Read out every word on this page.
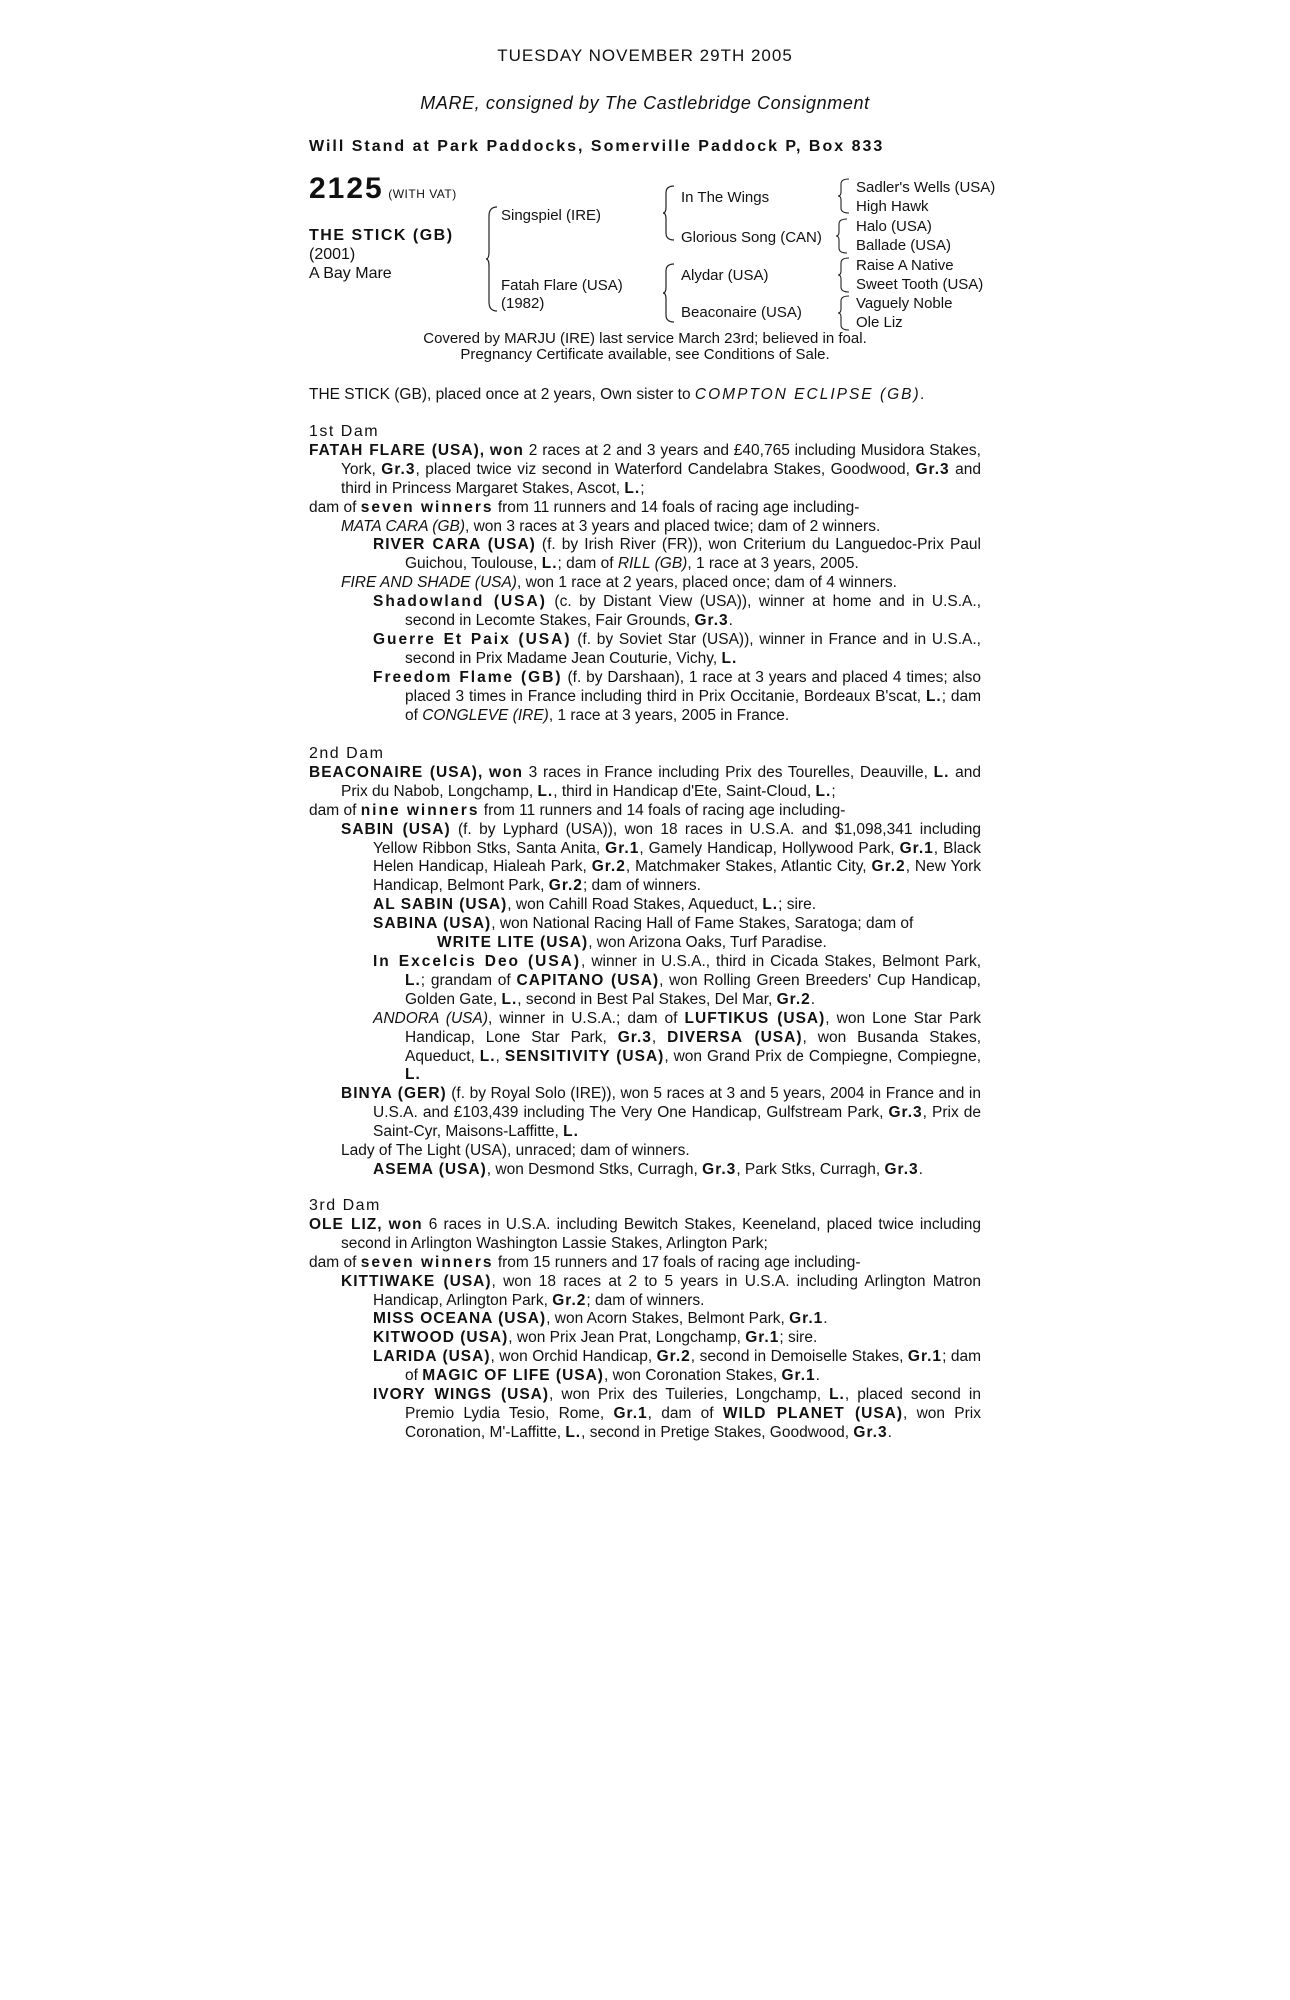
TUESDAY NOVEMBER 29TH 2005
MARE, consigned by The Castlebridge Consignment
Will Stand at Park Paddocks, Somerville Paddock P, Box 833
2125 (WITH VAT)
THE STICK (GB)
(2001)
A Bay Mare
Singspiel (IRE)
Fatah Flare (USA)
(1982)
In The Wings
Glorious Song (CAN)
Alydar (USA)
Beaconaire (USA)
Sadler's Wells (USA)
High Hawk
Halo (USA)
Ballade (USA)
Raise A Native
Sweet Tooth (USA)
Vaguely Noble
Ole Liz
Covered by MARJU (IRE) last service March 23rd; believed in foal.
Pregnancy Certificate available, see Conditions of Sale.
THE STICK (GB), placed once at 2 years, Own sister to COMPTON ECLIPSE (GB).
1st Dam

FATAH FLARE (USA), won 2 races at 2 and 3 years and £40,765 including Musidora Stakes, York, Gr.3, placed twice viz second in Waterford Candelabra Stakes, Goodwood, Gr.3 and third in Princess Margaret Stakes, Ascot, L.;

dam of seven winners from 11 runners and 14 foals of racing age including-

MATA CARA (GB), won 3 races at 3 years and placed twice; dam of 2 winners.

RIVER CARA (USA) (f. by Irish River (FR)), won Criterium du Languedoc-Prix Paul Guichou, Toulouse, L.; dam of RILL (GB), 1 race at 3 years, 2005.

FIRE AND SHADE (USA), won 1 race at 2 years, placed once; dam of 4 winners.

Shadowland (USA) (c. by Distant View (USA)), winner at home and in U.S.A., second in Lecomte Stakes, Fair Grounds, Gr.3.

Guerre Et Paix (USA) (f. by Soviet Star (USA)), winner in France and in U.S.A., second in Prix Madame Jean Couturie, Vichy, L.

Freedom Flame (GB) (f. by Darshaan), 1 race at 3 years and placed 4 times; also placed 3 times in France including third in Prix Occitanie, Bordeaux B'scat, L.; dam of CONGLEVE (IRE), 1 race at 3 years, 2005 in France.

2nd Dam

BEACONAIRE (USA), won 3 races in France including Prix des Tourelles, Deauville, L. and Prix du Nabob, Longchamp, L., third in Handicap d'Ete, Saint-Cloud, L.;

dam of nine winners from 11 runners and 14 foals of racing age including-

SABIN (USA) (f. by Lyphard (USA)), won 18 races in U.S.A. and $1,098,341 including Yellow Ribbon Stks, Santa Anita, Gr.1, Gamely Handicap, Hollywood Park, Gr.1, Black Helen Handicap, Hialeah Park, Gr.2, Matchmaker Stakes, Atlantic City, Gr.2, New York Handicap, Belmont Park, Gr.2; dam of winners.

AL SABIN (USA), won Cahill Road Stakes, Aqueduct, L.; sire.

SABINA (USA), won National Racing Hall of Fame Stakes, Saratoga; dam of

WRITE LITE (USA), won Arizona Oaks, Turf Paradise.

In Excelcis Deo (USA), winner in U.S.A., third in Cicada Stakes, Belmont Park, L.; grandam of CAPITANO (USA), won Rolling Green Breeders' Cup Handicap, Golden Gate, L., second in Best Pal Stakes, Del Mar, Gr.2.

ANDORA (USA), winner in U.S.A.; dam of LUFTIKUS (USA), won Lone Star Park Handicap, Lone Star Park, Gr.3, DIVERSA (USA), won Busanda Stakes, Aqueduct, L., SENSITIVITY (USA), won Grand Prix de Compiegne, Compiegne, L.

BINYA (GER) (f. by Royal Solo (IRE)), won 5 races at 3 and 5 years, 2004 in France and in U.S.A. and £103,439 including The Very One Handicap, Gulfstream Park, Gr.3, Prix de Saint-Cyr, Maisons-Laffitte, L.

Lady of The Light (USA), unraced; dam of winners.

ASEMA (USA), won Desmond Stks, Curragh, Gr.3, Park Stks, Curragh, Gr.3.

3rd Dam

OLE LIZ, won 6 races in U.S.A. including Bewitch Stakes, Keeneland, placed twice including second in Arlington Washington Lassie Stakes, Arlington Park;

dam of seven winners from 15 runners and 17 foals of racing age including-

KITTIWAKE (USA), won 18 races at 2 to 5 years in U.S.A. including Arlington Matron Handicap, Arlington Park, Gr.2; dam of winners.

MISS OCEANA (USA), won Acorn Stakes, Belmont Park, Gr.1.

KITWOOD (USA), won Prix Jean Prat, Longchamp, Gr.1; sire.

LARIDA (USA), won Orchid Handicap, Gr.2, second in Demoiselle Stakes, Gr.1; dam of MAGIC OF LIFE (USA), won Coronation Stakes, Gr.1.

IVORY WINGS (USA), won Prix des Tuileries, Longchamp, L., placed second in Premio Lydia Tesio, Rome, Gr.1, dam of WILD PLANET (USA), won Prix Coronation, M'-Laffitte, L., second in Pretige Stakes, Goodwood, Gr.3.
